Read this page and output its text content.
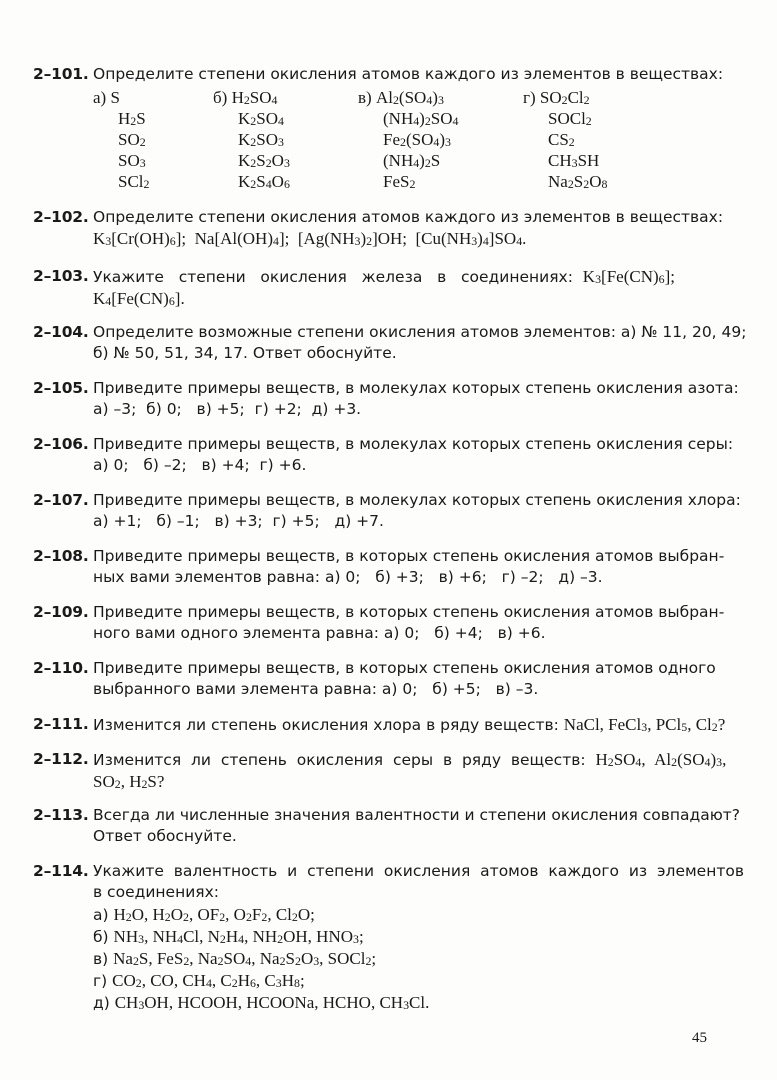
2–101. Определите степени окисления атомов каждого из элементов в веществах:
а) S	б) $H_2SO_4$	в) $Al_2(SO_4)_3$	г) $SO_2Cl_2$
$H_2S$	$K_2SO_4$	$(NH_4)_2SO_4$	SOCl$_2$
$SO_2$	$K_2SO_3$	$Fe_2(SO_4)_3$	$CS_2$
$SO_3$	$K_2S_2O_3$	$(NH_4)_2S$	$CH_3SH$
SCl$_2$	$K_2S_4O_6$	FeS$_2$	$Na_2S_2O_8$
2–102. Определите степени окисления атомов каждого из элементов в веществах:
$K_3[Cr(OH)_6]$;  $Na[Al(OH)_4]$;  $[Ag(NH_3)_2]OH$;  $[Cu(NH_3)_4]SO_4$.
2–103. Укажите   степени   окисления   железа   в   соединениях:  $K_3[Fe(CN)_6]$;
$K_4[Fe(CN)_6]$.
2–104. Определите возможные степени окисления атомов элементов: а) № 11, 20, 49;
б) № 50, 51, 34, 17. Ответ обоснуйте.
2–105. Приведите примеры веществ, в молекулах которых степень окисления азота:
а) –3;  б) 0;   в) +5;  г) +2;  д) +3.
2–106. Приведите примеры веществ, в молекулах которых степень окисления серы:
а) 0;   б) –2;   в) +4;  г) +6.
2–107. Приведите примеры веществ, в молекулах которых степень окисления хлора:
а) +1;   б) –1;   в) +3;  г) +5;   д) +7.
2–108. Приведите примеры веществ, в которых степень окисления атомов выбран-
ных вами элементов равна: а) 0;   б) +3;   в) +6;   г) –2;   д) –3.
2–109. Приведите примеры веществ, в которых степень окисления атомов выбран-
ного вами одного элемента равна: а) 0;   б) +4;   в) +6.
2–110. Приведите примеры веществ, в которых степень окисления атомов одного
выбранного вами элемента равна: а) 0;   б) +5;   в) –3.
2–111. Изменится ли степень окисления хлора в ряду веществ: NaCl, FeCl$_3$, PCl$_5$, $Cl_2$?
2–112. Изменится  ли  степень  окисления  серы  в  ряду  веществ:  $H_2SO_4$,  $Al_2(SO_4)_3$,
$SO_2$, $H_2S$?
2–113. Всегда ли численные значения валентности и степени окисления совпадают?
Ответ обоснуйте.
2–114. Укажите  валентность  и  степени  окисления  атомов  каждого  из  элементов
в соединениях:
а) $H_2O$, $H_2O_2$, $OF_2$, $O_2F_2$, $Cl_2O$;
б) $NH_3$, $NH_4Cl$, $N_2H_4$, $NH_2OH$, $HNO_3$;
в) $Na_2S$, FeS$_2$, $Na_2SO_4$, $Na_2S_2O_3$, SOCl$_2$;
г) $CO_2$, CO, $CH_4$, $C_2H_6$, $C_3H_8$;
д) $CH_3OH$, HCOOH, HCOONa, HCHO, $CH_3Cl$.
45
